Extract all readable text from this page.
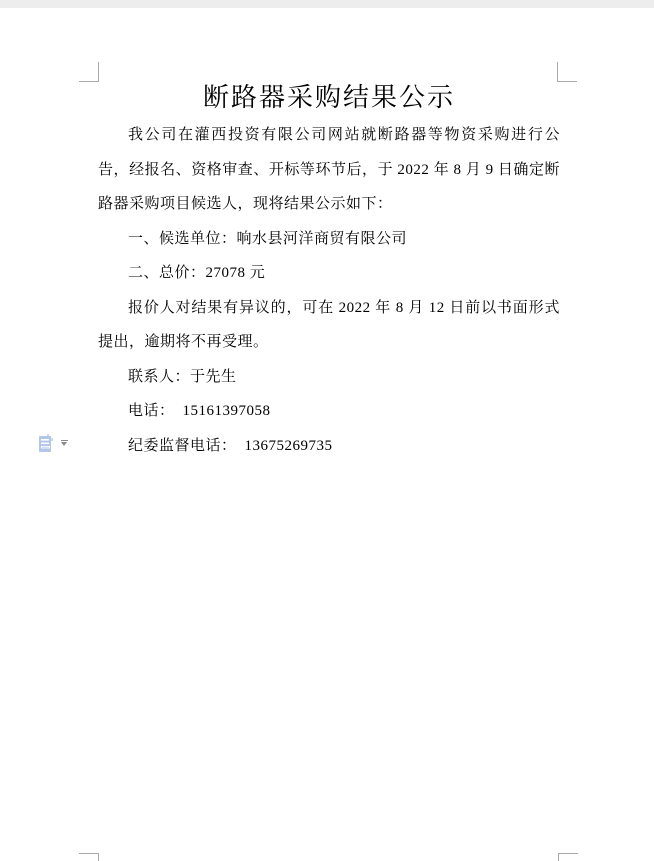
断路器采购结果公示

我公司在灌西投资有限公司网站就断路器等物资采购进行公告，经报名、资格审查、开标等环节后，于 2022 年 8 月 9 日确定断路器采购项目候选人，现将结果公示如下：

一、候选单位：响水县河洋商贸有限公司

二、总价：27078 元

报价人对结果有异议的，可在 2022 年 8 月 12 日前以书面形式提出，逾期将不再受理。

联系人：于先生

电话：　15161397058

纪委监督电话：　13675269735
